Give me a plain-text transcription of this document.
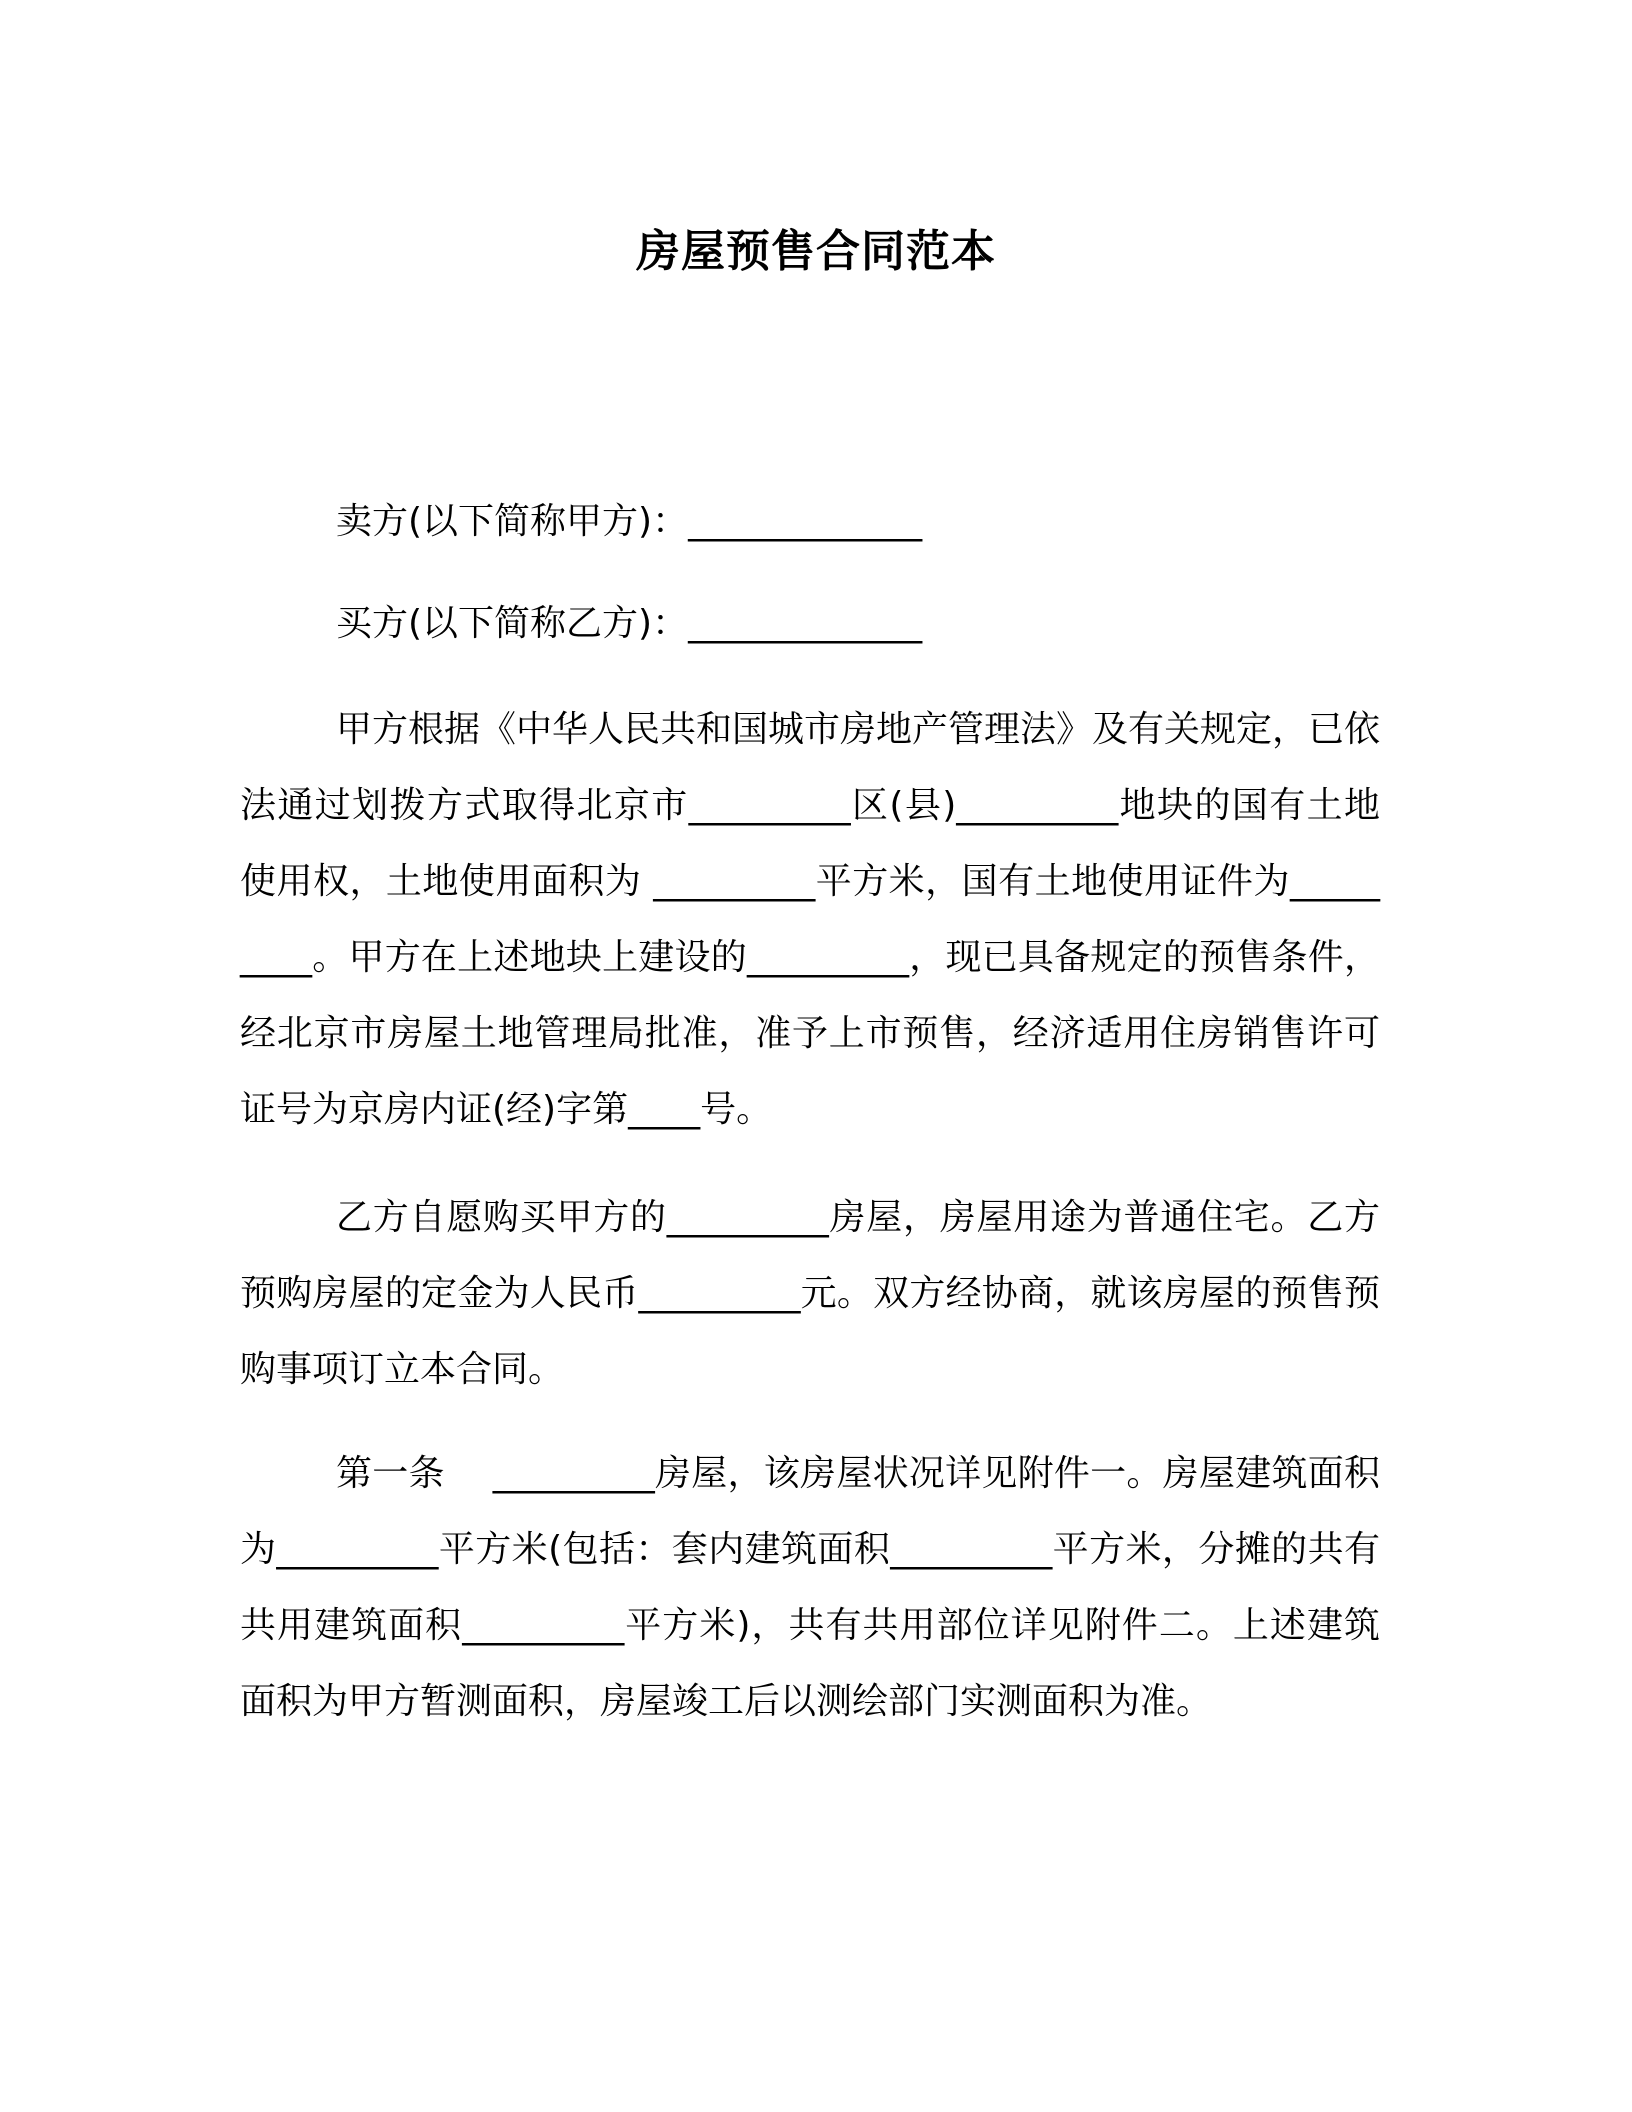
房屋预售合同范本

卖方(以下简称甲方)：_____________

买方(以下简称乙方)：_____________

甲方根据《中华人民共和国城市房地产管理法》及有关规定，已依法通过划拨方式取得北京市_________区(县)_________地块的国有土地使用权，土地使用面积为 _________平方米，国有土地使用证件为_________。甲方在上述地块上建设的_________，现已具备规定的预售条件，经北京市房屋土地管理局批准，准予上市预售，经济适用住房销售许可证号为京房内证(经)字第____号。

乙方自愿购买甲方的_________房屋，房屋用途为普通住宅。乙方预购房屋的定金为人民币_________元。双方经协商，就该房屋的预售预购事项订立本合同。

第一条　 _________房屋，该房屋状况详见附件一。房屋建筑面积为_________平方米(包括：套内建筑面积_________平方米，分摊的共有共用建筑面积_________平方米)，共有共用部位详见附件二。上述建筑面积为甲方暂测面积，房屋竣工后以测绘部门实测面积为准。
